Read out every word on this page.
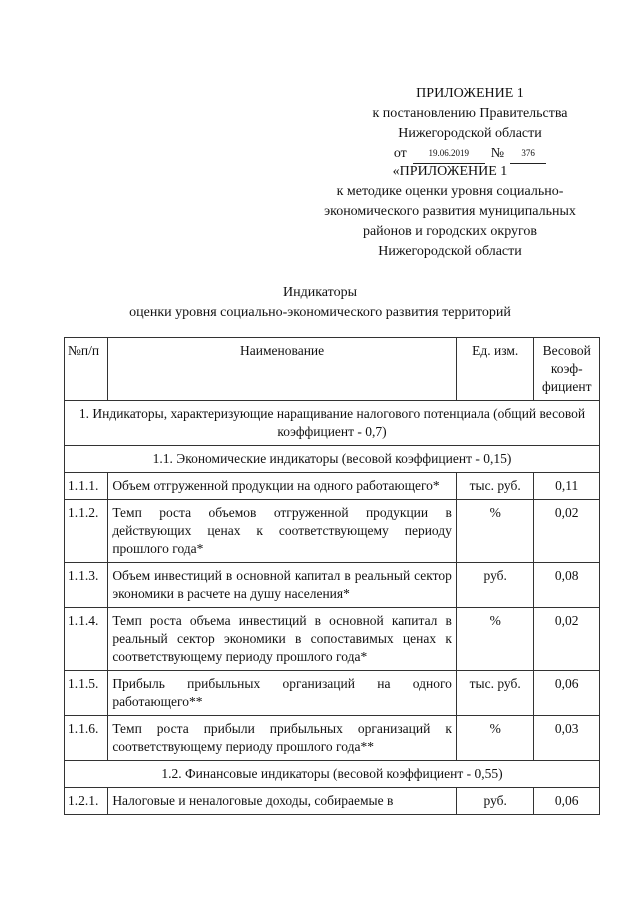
ПРИЛОЖЕНИЕ 1
к постановлению Правительства
Нижегородской области
от	19.06.2019	№	376
«ПРИЛОЖЕНИЕ 1
к методике оценки уровня социально-
экономического развития муниципальных
районов и городских округов
Нижегородской области
Индикаторы
оценки уровня социально-экономического развития территорий
№п/п	Наименование	Ед. изм.	Весовой коэф-фициент
1. Индикаторы, характеризующие наращивание налогового потенциала (общий весовой коэффициент - 0,7)			
1.1. Экономические индикаторы (весовой коэффициент - 0,15)			
1.1.1.	Объем отгруженной продукции на одного работающего*	тыс. руб.	0,11
1.1.2.	Темп роста объемов отгруженной продукции в действующих ценах к соответствующему периоду прошлого года*	%	0,02
1.1.3.	Объем инвестиций в основной капитал в реальный сектор экономики в расчете на душу населения*	руб.	0,08
1.1.4.	Темп роста объема инвестиций в основной капитал в реальный сектор экономики в сопоставимых ценах к соответствующему периоду прошлого года*	%	0,02
1.1.5.	Прибыль прибыльных организаций на одного работающего**	тыс. руб.	0,06
1.1.6.	Темп роста прибыли прибыльных организаций к соответствующему периоду прошлого года**	%	0,03
1.2. Финансовые индикаторы (весовой коэффициент - 0,55)			
1.2.1.	Налоговые и неналоговые доходы, собираемые в	руб.	0,06
